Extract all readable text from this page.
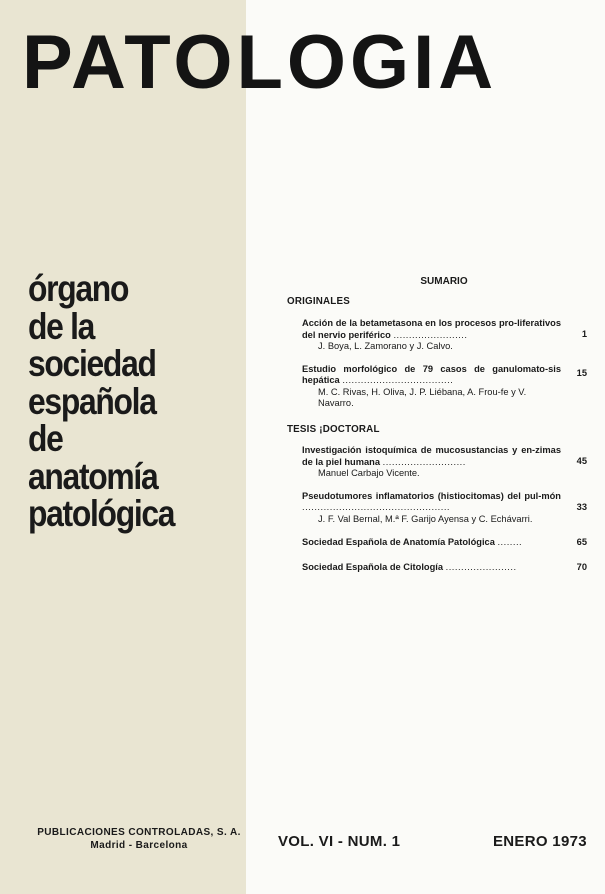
PATOLOGIA
órgano
de la
sociedad
española
de
anatomía
patológica
SUMARIO
ORIGINALES
1
Acción de la betametasona en los procesos pro-liferativos del nervio periférico ........................
J. Boya, L. Zamorano y J. Calvo.
15
Estudio morfológico de 79 casos de ganulomato-sis hepática ....................................
M. C. Rivas, H. Oliva, J. P. Liébana, A. Frou-fe y V. Navarro.
TESIS ¡DOCTORAL
45
Investigación istoquímica de mucosustancias y en-zimas de la piel humana ...........................
Manuel Carbajo Vicente.
33
Pseudotumores inflamatorios (histiocitomas) del pul-món ................................................
J. F. Val Bernal, M.ª F. Garijo Ayensa y C. Echávarri.
65
Sociedad Española de Anatomía Patológica ........
70
Sociedad Española de Citología .......................
PUBLICACIONES CONTROLADAS, S. A.
Madrid - Barcelona	VOL. VI - NUM. 1	ENERO 1973
